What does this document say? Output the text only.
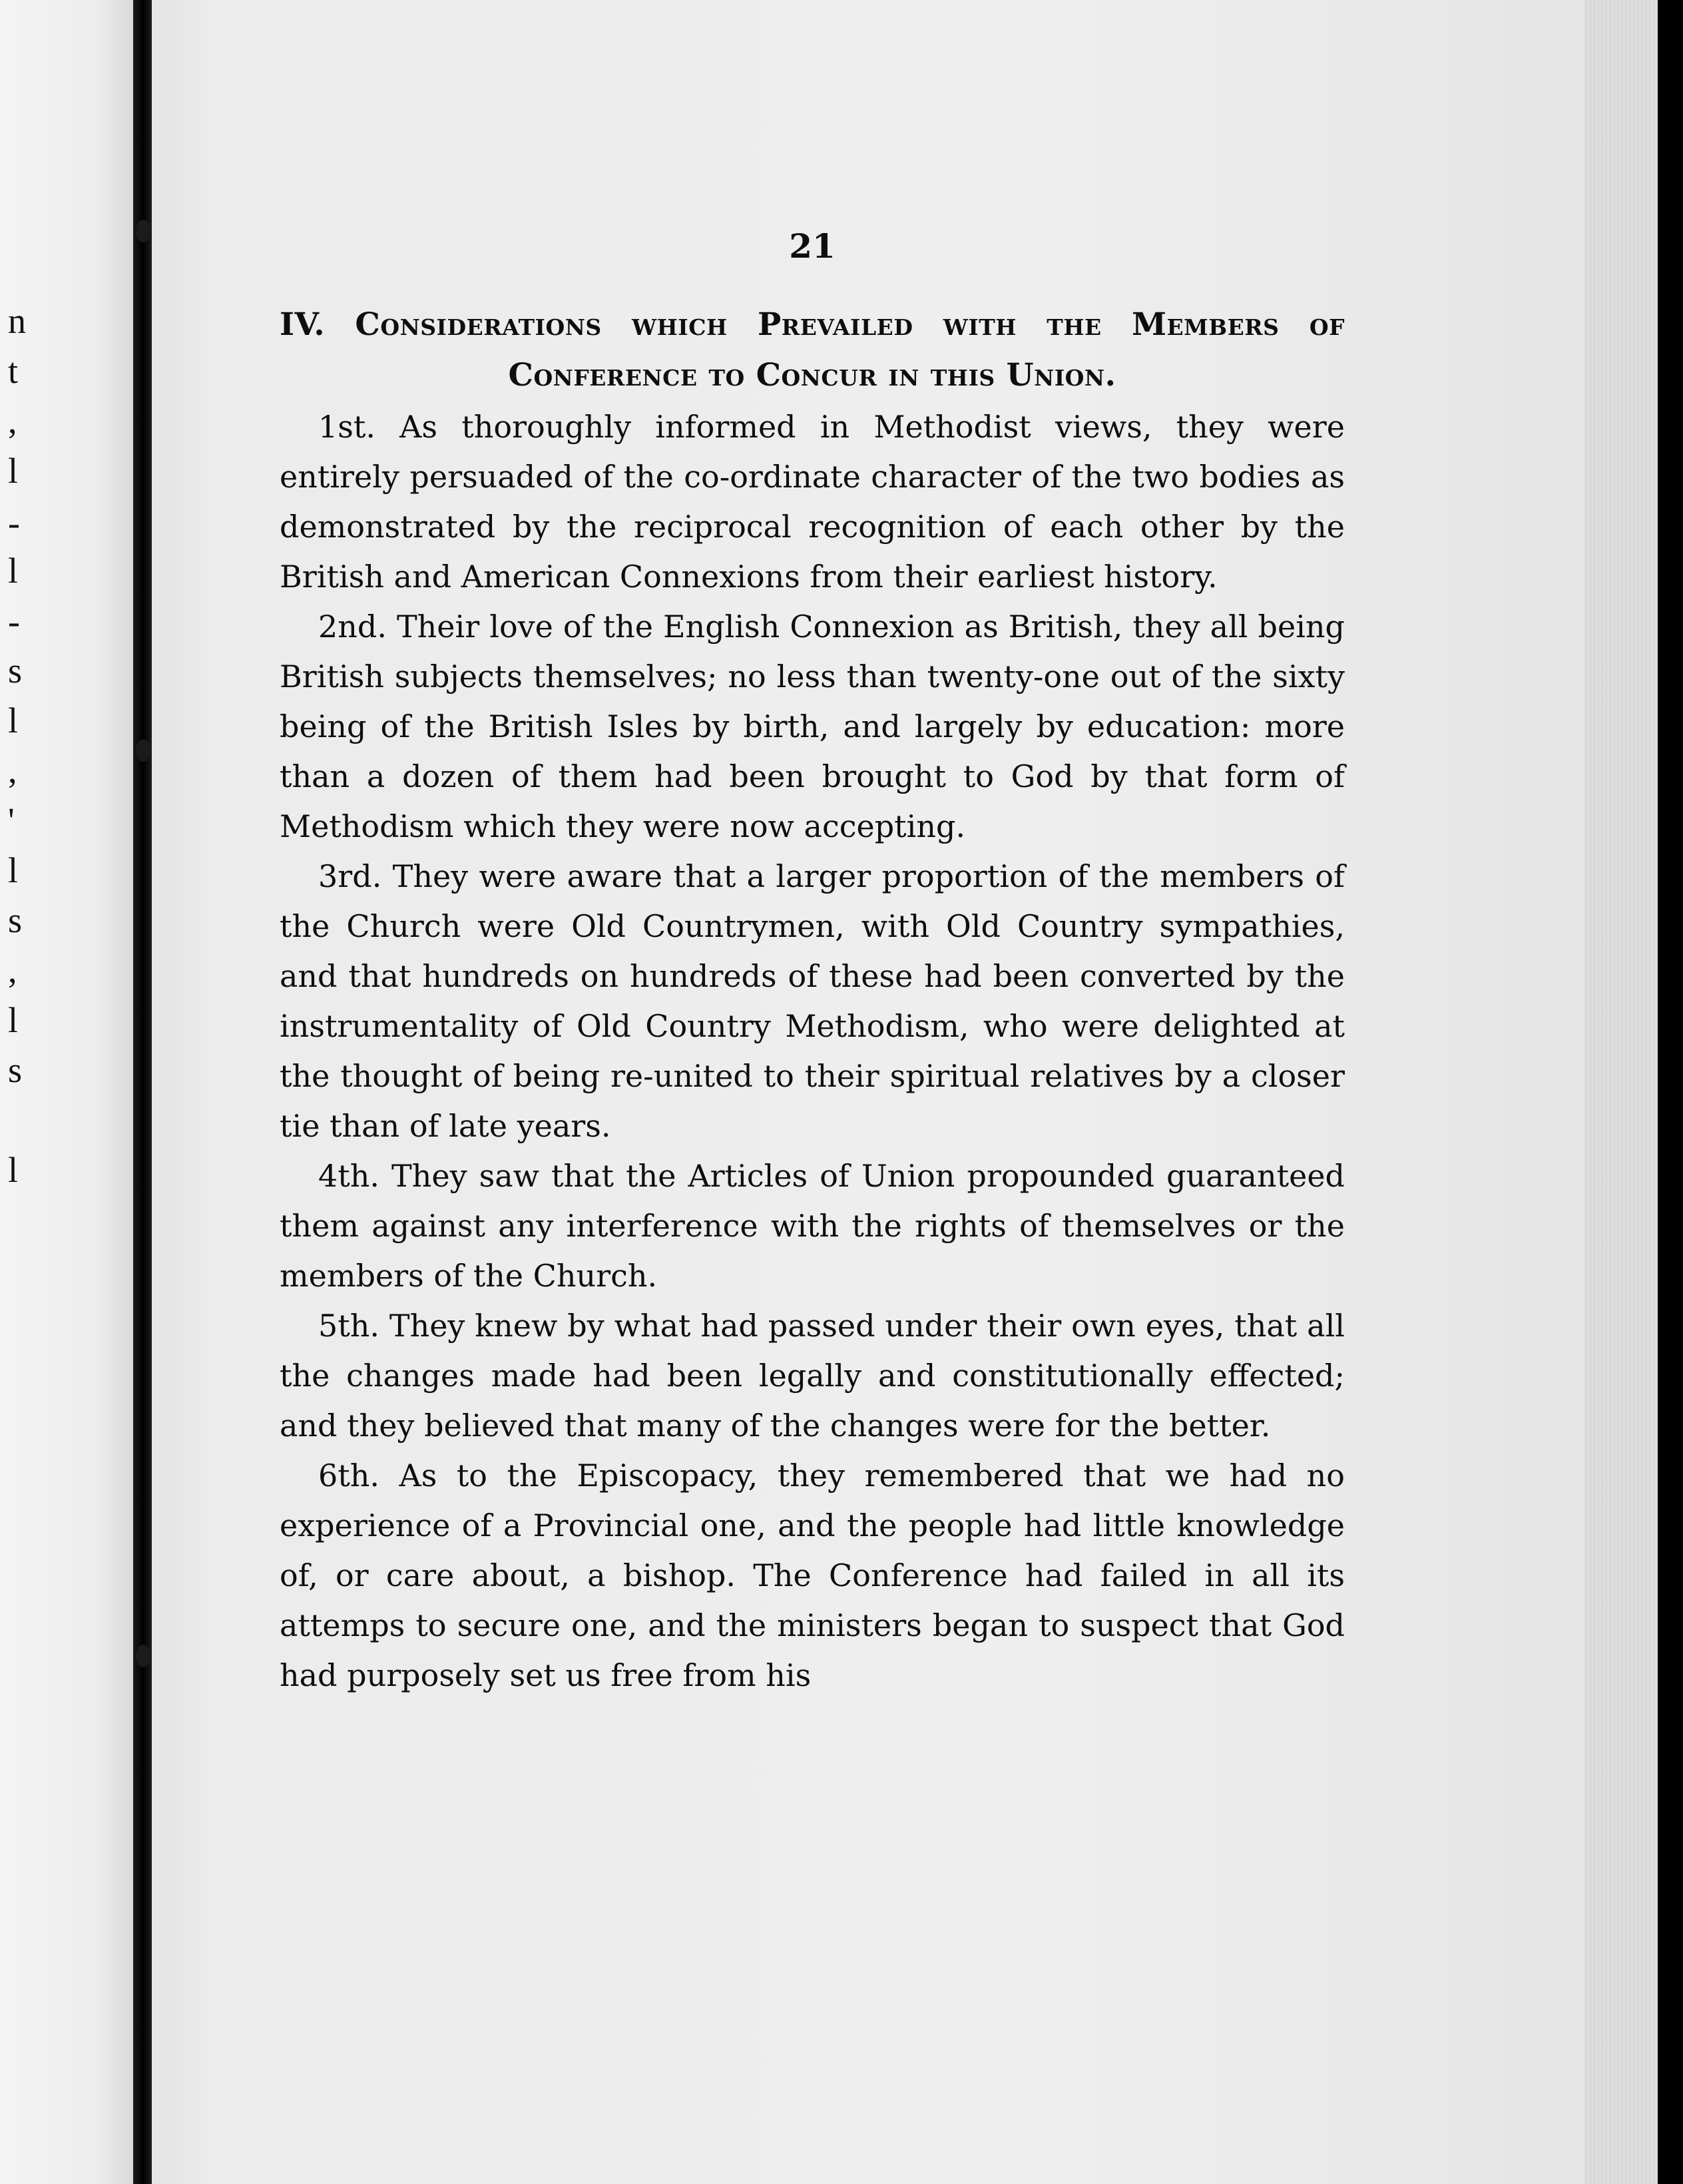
n
t
,
l
-
l
-
s
l
,
'
l
s
,
l
s
l
21

IV. Considerations which Prevailed with the Members of Conference to Concur in this Union.

1st. As thoroughly informed in Methodist views, they were entirely persuaded of the co-ordinate character of the two bodies as demonstrated by the reciprocal recognition of each other by the British and American Connexions from their earliest history.

2nd. Their love of the English Connexion as British, they all being British subjects themselves; no less than twenty-one out of the sixty being of the British Isles by birth, and largely by education: more than a dozen of them had been brought to God by that form of Methodism which they were now accepting.

3rd. They were aware that a larger proportion of the members of the Church were Old Countrymen, with Old Country sympathies, and that hundreds on hundreds of these had been converted by the instrumentality of Old Country Methodism, who were delighted at the thought of being re-united to their spiritual relatives by a closer tie than of late years.

4th. They saw that the Articles of Union propounded guaranteed them against any interference with the rights of themselves or the members of the Church.

5th. They knew by what had passed under their own eyes, that all the changes made had been legally and constitutionally effected; and they believed that many of the changes were for the better.

6th. As to the Episcopacy, they remembered that we had no experience of a Provincial one, and the people had little knowledge of, or care about, a bishop. The Conference had failed in all its attemps to secure one, and the ministers began to suspect that God had purposely set us free from his
